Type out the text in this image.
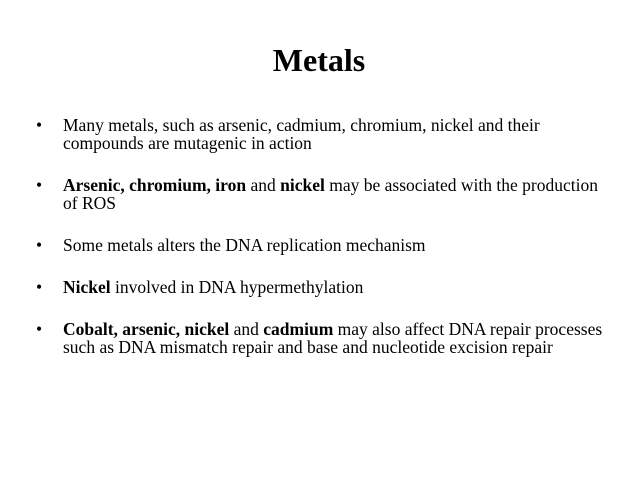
Metals
• Many metals, such as arsenic, cadmium, chromium, nickel and their compounds are mutagenic in action
• Arsenic, chromium, iron and nickel may be associated with the production of ROS
• Some metals alters the DNA replication mechanism
• Nickel involved in DNA hypermethylation
• Cobalt, arsenic, nickel and cadmium may also affect DNA repair processes such as DNA mismatch repair and base and nucleotide excision repair
